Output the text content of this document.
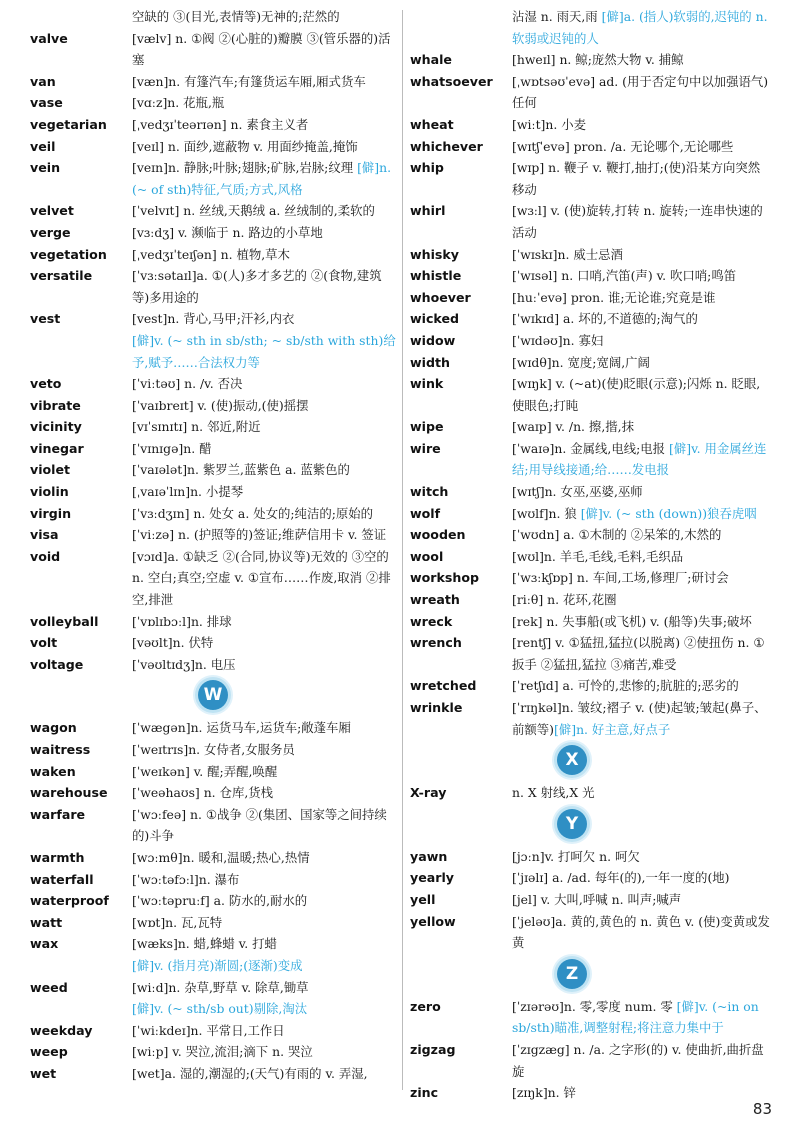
空缺的 ③(目光,表情等)无神的;茫然的
valve	[vælv] n. ①阀 ②(心脏的)瓣膜 ③(管乐器的)活塞
van	[væn]n. 有篷汽车;有篷货运车厢,厢式货车
vase	[vɑːz]n. 花瓶,瓶
vegetarian [ˌvedʒɪˈteərɪən] n. 素食主义者
veil	[veɪl] n. 面纱,遮蔽物 v. 用面纱掩盖,掩饰
vein	[veɪn]n. 静脉;叶脉;翅脉;矿脉,岩脉;纹理 [僻]n. (~ of sth)特征,气质;方式,风格
velvet	[ˈvelvɪt] n. 丝绒,天鹅绒 a. 丝绒制的,柔软的
verge	[vɜːdʒ] v. 濒临于 n. 路边的小草地
vegetation [ˌvedʒɪˈteɪʃən] n. 植物,草木
versatile	[ˈvɜːsətaɪl]a. ①(人)多才多艺的 ②(食物,建筑等)多用途的
vest	[vest]n. 背心,马甲;汗衫,内衣
[僻]v. (~ sth in sb/sth; ~ sb/sth with sth)给予,赋予……合法权力等
veto	[ˈviːtəʊ] n. /v. 否决
vibrate	[ˈvaɪbreɪt] v. (使)振动,(使)摇摆
vicinity	[vɪˈsɪnɪtɪ] n. 邻近,附近
vinegar	[ˈvɪnɪgə]n. 醋
violet	[ˈvaɪələt]n. 紫罗兰,蓝紫色 a. 蓝紫色的
violin	[ˌvaɪəˈlɪn]n. 小提琴
virgin	[ˈvɜːdʒɪn] n. 处女 a. 处女的;纯洁的;原始的
visa	[ˈviːzə] n. (护照等的)签证;维萨信用卡 v. 签证
void	[vɔɪd]a. ①缺乏 ②(合同,协议等)无效的 ③空的 n. 空白;真空;空虚 v. ①宣布……作废,取消 ②排空,排泄
volleyball	[ˈvɒlɪbɔːl]n. 排球
volt	[vəʊlt]n. 伏特
voltage	[ˈvəʊltɪdʒ]n. 电压
W
wagon	[ˈwægən]n. 运货马车,运货车;敞蓬车厢
waitress	[ˈweɪtrɪs]n. 女侍者,女服务员
waken	[ˈweɪkən] v. 醒;弄醒,唤醒
warehouse [ˈweəhaʊs] n. 仓库,货栈
warfare	[ˈwɔːfeə] n. ①战争 ②(集团、国家等之间持续的)斗争
warmth	[wɔːmθ]n. 暖和,温暖;热心,热情
waterfall	[ˈwɔːtəfɔːl]n. 瀑布
waterproof [ˈwɔːtəpruːf] a. 防水的,耐水的
watt	[wɒt]n. 瓦,瓦特
wax	[wæks]n. 蜡,蜂蜡 v. 打蜡
[僻]v. (指月亮)渐圆;(逐渐)变成
weed	[wiːd]n. 杂草,野草 v. 除草,锄草
[僻]v. (~ sth/sb out)剔除,淘汰
weekday	[ˈwiːkdeɪ]n. 平常日,工作日
weep	[wiːp] v. 哭泣,流泪;滴下 n. 哭泣
wet	[wet]a. 湿的,潮湿的;(天气)有雨的 v. 弄湿,
沾湿 n. 雨天,雨 [僻]a. (指人)软弱的,迟钝的 n. 软弱或迟钝的人
whale	[hweɪl] n. 鲸;庞然大物 v. 捕鲸
whatsoever [ˌwɒtsəʊˈevə] ad. (用于否定句中以加强语气)任何
wheat	[wiːt]n. 小麦
whichever [wɪtʃˈevə] pron. /a. 无论哪个,无论哪些
whip	[wɪp] n. 鞭子 v. 鞭打,抽打;(使)沿某方向突然移动
whirl	[wɜːl] v. (使)旋转,打转 n. 旋转;一连串快速的活动
whisky	[ˈwɪskɪ]n. 威士忌酒
whistle	[ˈwɪsəl] n. 口哨,汽笛(声) v. 吹口哨;鸣笛
whoever	[huːˈevə] pron. 谁;无论谁;究竟是谁
wicked	[ˈwɪkɪd] a. 坏的,不道德的;淘气的
widow	[ˈwɪdəʊ]n. 寡妇
width	[wɪdθ]n. 宽度;宽阔,广阔
wink	[wɪŋk] v. (~at)(使)眨眼(示意);闪烁 n. 眨眼,使眼色;打盹
wipe	[waɪp] v. /n. 擦,揩,抹
wire	[ˈwaɪə]n. 金属线,电线;电报 [僻]v. 用金属丝连结;用导线接通;给……发电报
witch	[wɪtʃ]n. 女巫,巫婆,巫师
wolf	[wʊlf]n. 狼 [僻]v. (~ sth (down))狼吞虎咽
wooden	[ˈwʊdn] a. ①木制的 ②呆笨的,木然的
wool	[wʊl]n. 羊毛,毛线,毛料,毛织品
workshop	[ˈwɜːkʃɒp] n. 车间,工场,修理厂;研讨会
wreath	[riːθ] n. 花环,花圈
wreck	[rek] n. 失事船(或飞机) v. (船等)失事;破坏
wrench	[rentʃ] v. ①猛扭,猛拉(以脱离) ②使扭伤 n. ①扳手 ②猛扭,猛拉 ③痛苦,难受
wretched	[ˈretʃɪd] a. 可怜的,悲惨的;肮脏的;恶劣的
wrinkle	[ˈrɪŋkəl]n. 皱纹;褶子 v. (使)起皱;皱起(鼻子、前额等)[僻]n. 好主意,好点子
X
X-ray	n. X 射线,X 光
Y
yawn	[jɔːn]v. 打呵欠 n. 呵欠
yearly	[ˈjɪəlɪ] a. /ad. 每年(的),一年一度的(地)
yell	[jel] v. 大叫,呼喊 n. 叫声;喊声
yellow	[ˈjeləʊ]a. 黄的,黄色的 n. 黄色 v. (使)变黄或发黄
Z
zero	[ˈzɪərəʊ]n. 零,零度 num. 零 [僻]v. (~in on sb/sth)瞄准,调整射程;将注意力集中于
zigzag	[ˈzɪgzæg] n. /a. 之字形(的) v. 使曲折,曲折盘旋
zinc	[zɪŋk]n. 锌
83
